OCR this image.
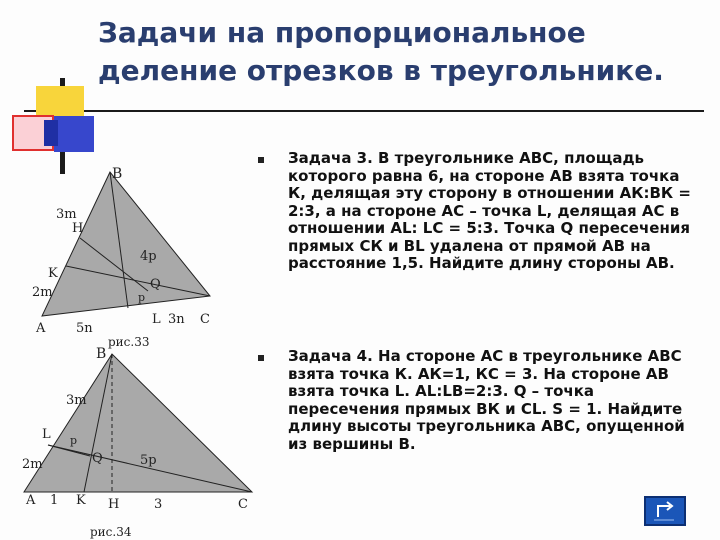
Задачи на пропорциональное
деление отрезков в треугольнике.
B
3m
H
4p
K
Q
2m	p
A 5n
L 3n C
рис.33
B
3m
L p
Q	5p
2m
A 1 K H	3	C
рис.34
Задача 3. В треугольнике АВС, площадь которого равна 6, на стороне АВ взята точка К, делящая эту сторону в отношении АК:ВК = 2:3, а на стороне АС – точка L, делящая АС в отношении AL: LC = 5:3. Точка Q пересечения прямых СК и BL удалена от прямой АВ на расстояние 1,5. Найдите длину стороны АВ.
Задача 4. На стороне АС в треугольнике АВС взята точка К. АК=1, КС = 3. На стороне АВ взята точка L. AL:LB=2:3. Q – точка пересечения прямых ВК и CL. S = 1. Найдите длину высоты треугольника АВС, опущенной из вершины В.
